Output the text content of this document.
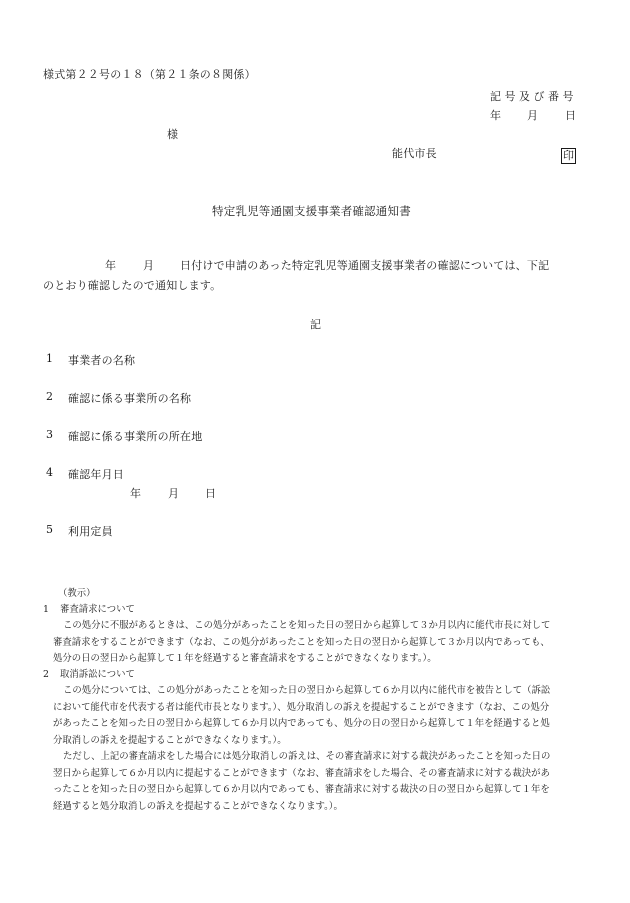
様式第２２号の１８（第２１条の８関係）
記 号 及 び 番 号
年 月 日
様
能代市長	印
特定乳児等通園支援事業者確認通知書
年 月 日付けで申請のあった特定乳児等通園支援事業者の確認については、下記
のとおり確認したので通知します。
記
1 事業者の名称
2 確認に係る事業所の名称
3 確認に係る事業所の所在地
4 確認年月日
年 月 日
5 利用定員
（教示）
1 審査請求について
この処分に不服があるときは、この処分があったことを知った日の翌日から起算して３か月以内に能代市長に対して
審査請求をすることができます（なお、この処分があったことを知った日の翌日から起算して３か月以内であっても、
処分の日の翌日から起算して１年を経過すると審査請求をすることができなくなります。）。
2 取消訴訟について
この処分については、この処分があったことを知った日の翌日から起算して６か月以内に能代市を被告として（訴訟
において能代市を代表する者は能代市長となります。）、処分取消しの訴えを提起することができます（なお、この処分
があったことを知った日の翌日から起算して６か月以内であっても、処分の日の翌日から起算して１年を経過すると処
分取消しの訴えを提起することができなくなります。）。
ただし、上記の審査請求をした場合には処分取消しの訴えは、その審査請求に対する裁決があったことを知った日の
翌日から起算して６か月以内に提起することができます（なお、審査請求をした場合、その審査請求に対する裁決があ
ったことを知った日の翌日から起算して６か月以内であっても、審査請求に対する裁決の日の翌日から起算して１年を
経過すると処分取消しの訴えを提起することができなくなります。）。
